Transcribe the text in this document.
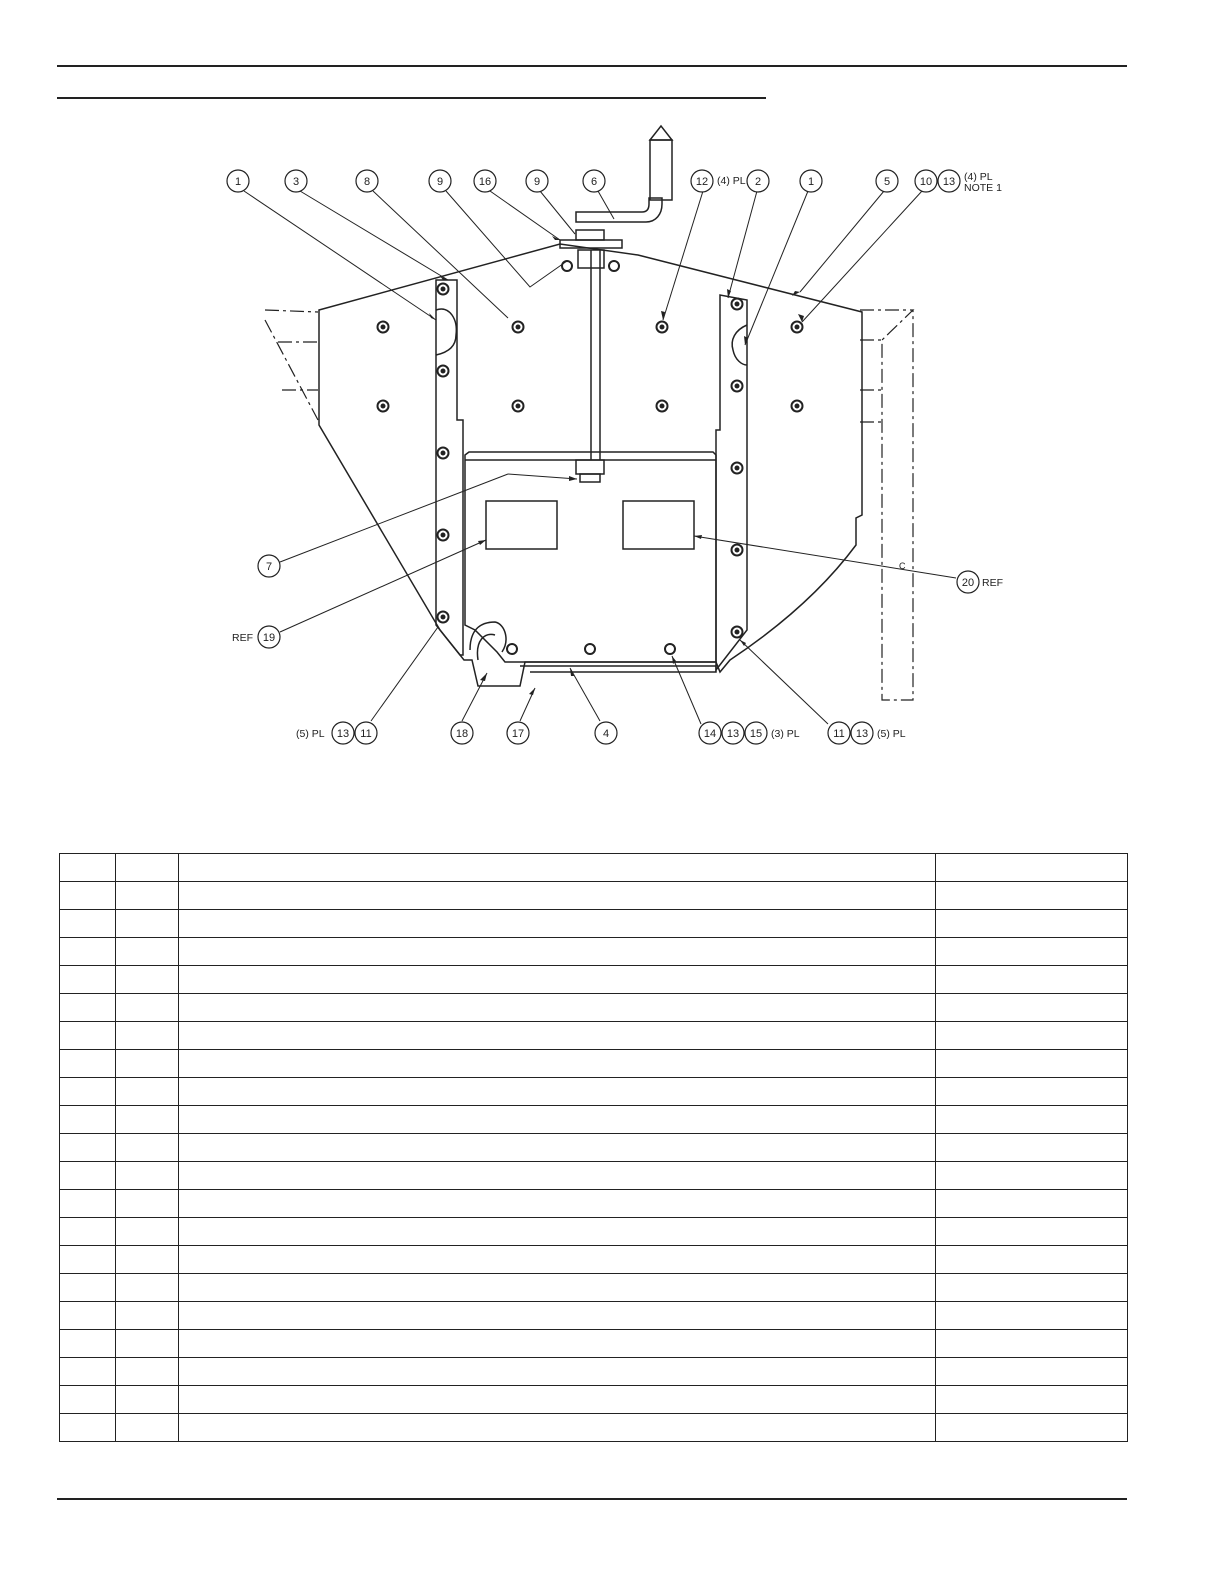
1	3	8	9	16	9	6	12	2	1	5	10 13
7
19
20
13 11	18	17	4	14 13 15	11 13
(4) PL	(4) PL
NOTE 1
REF
REF
(5) PL	(3) PL	(5) PL
C
